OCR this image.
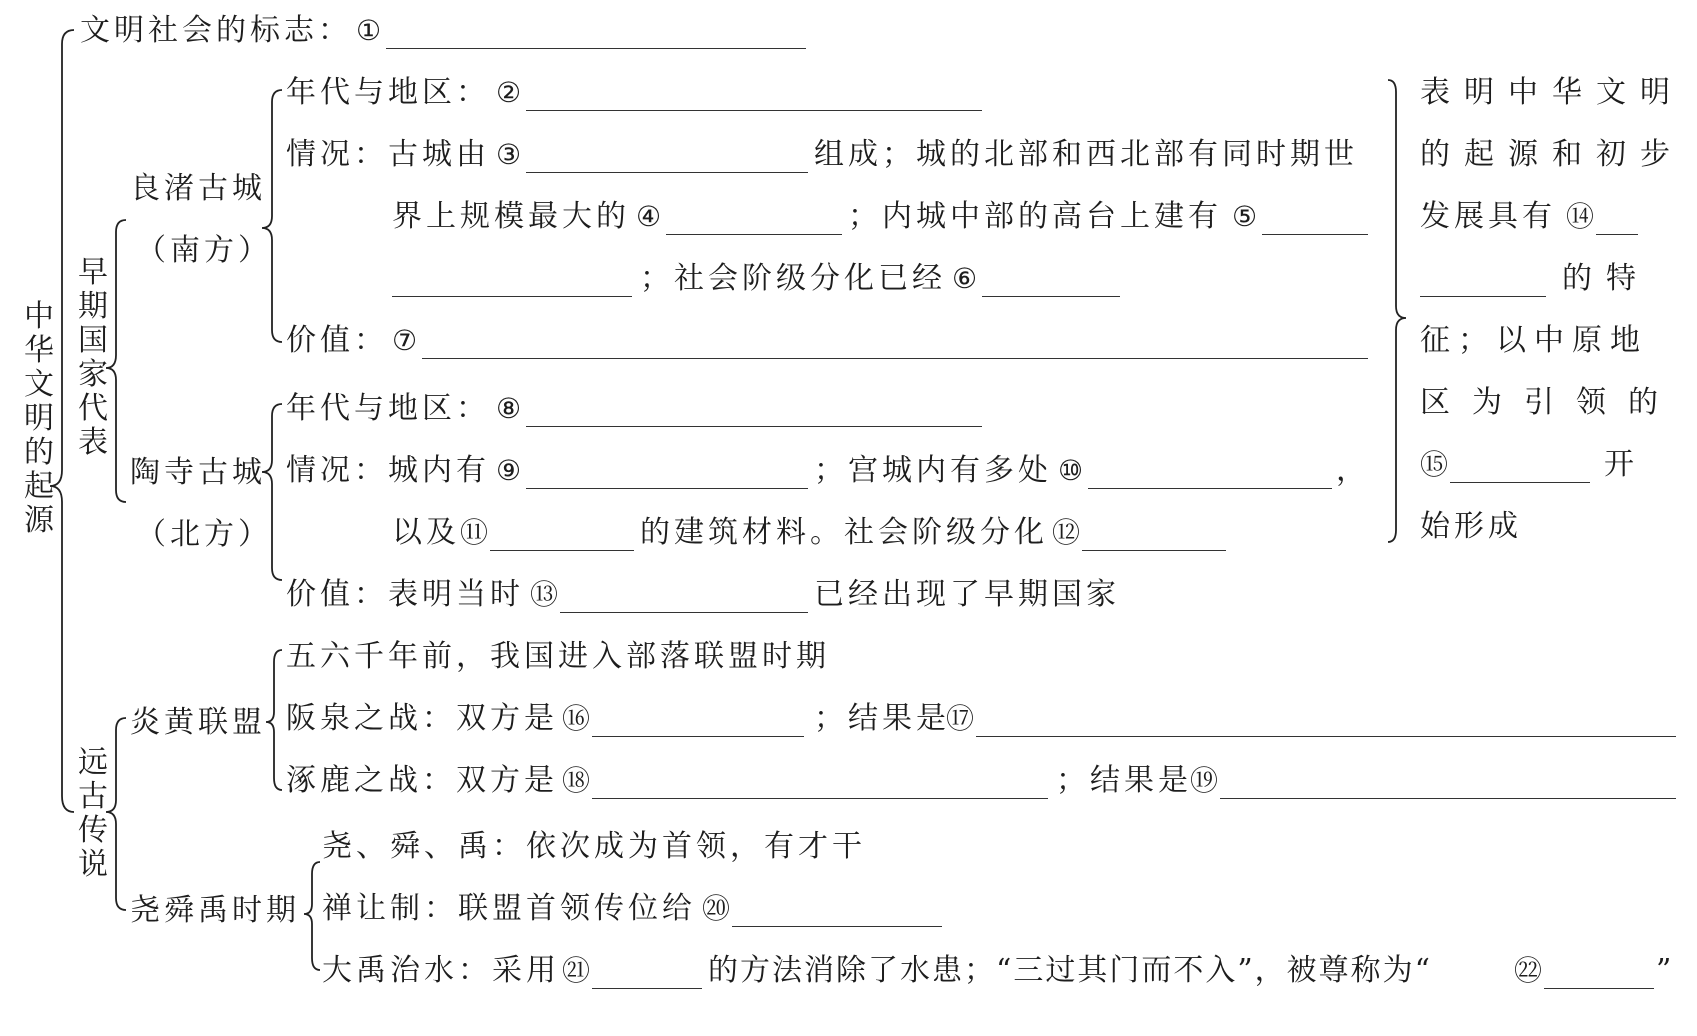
中华文明的起源
文明社会的标志： ①
早期国家代表
良渚古城
（南方）
年代与地区： ②
情况：古城由 ③	组成；城的北部和西北部有同时期世
界上规模最大的 ④	；内城中部的高台上建有 ⑤
；社会阶级分化已经 ⑥
价值： ⑦
陶寺古城
（北方）
年代与地区： ⑧
情况：城内有 ⑨	；宫城内有多处 ⑩	，
以及 ⑪	的建筑材料。社会阶级分化 ⑫
价值：表明当时 ⑬	已经出现了早期国家
表明中华文明
的起源和初步
发展具有 ⑭
的特
征；以中原地
区为引领的
⑮	开
始形成
远古传说
炎黄联盟
五六千年前，我国进入部落联盟时期
阪泉之战：双方是 ⑯	；结果是
⑰
涿鹿之战：双方是 ⑱	；结果是
⑲
尧舜禹时期
尧、舜、禹：依次成为首领，有才干
禅让制：联盟首领传位给 ⑳
大禹治水：采用 ㉑	的方法消除了水患；“三过其门而不入”，被尊称为“	㉒	”
